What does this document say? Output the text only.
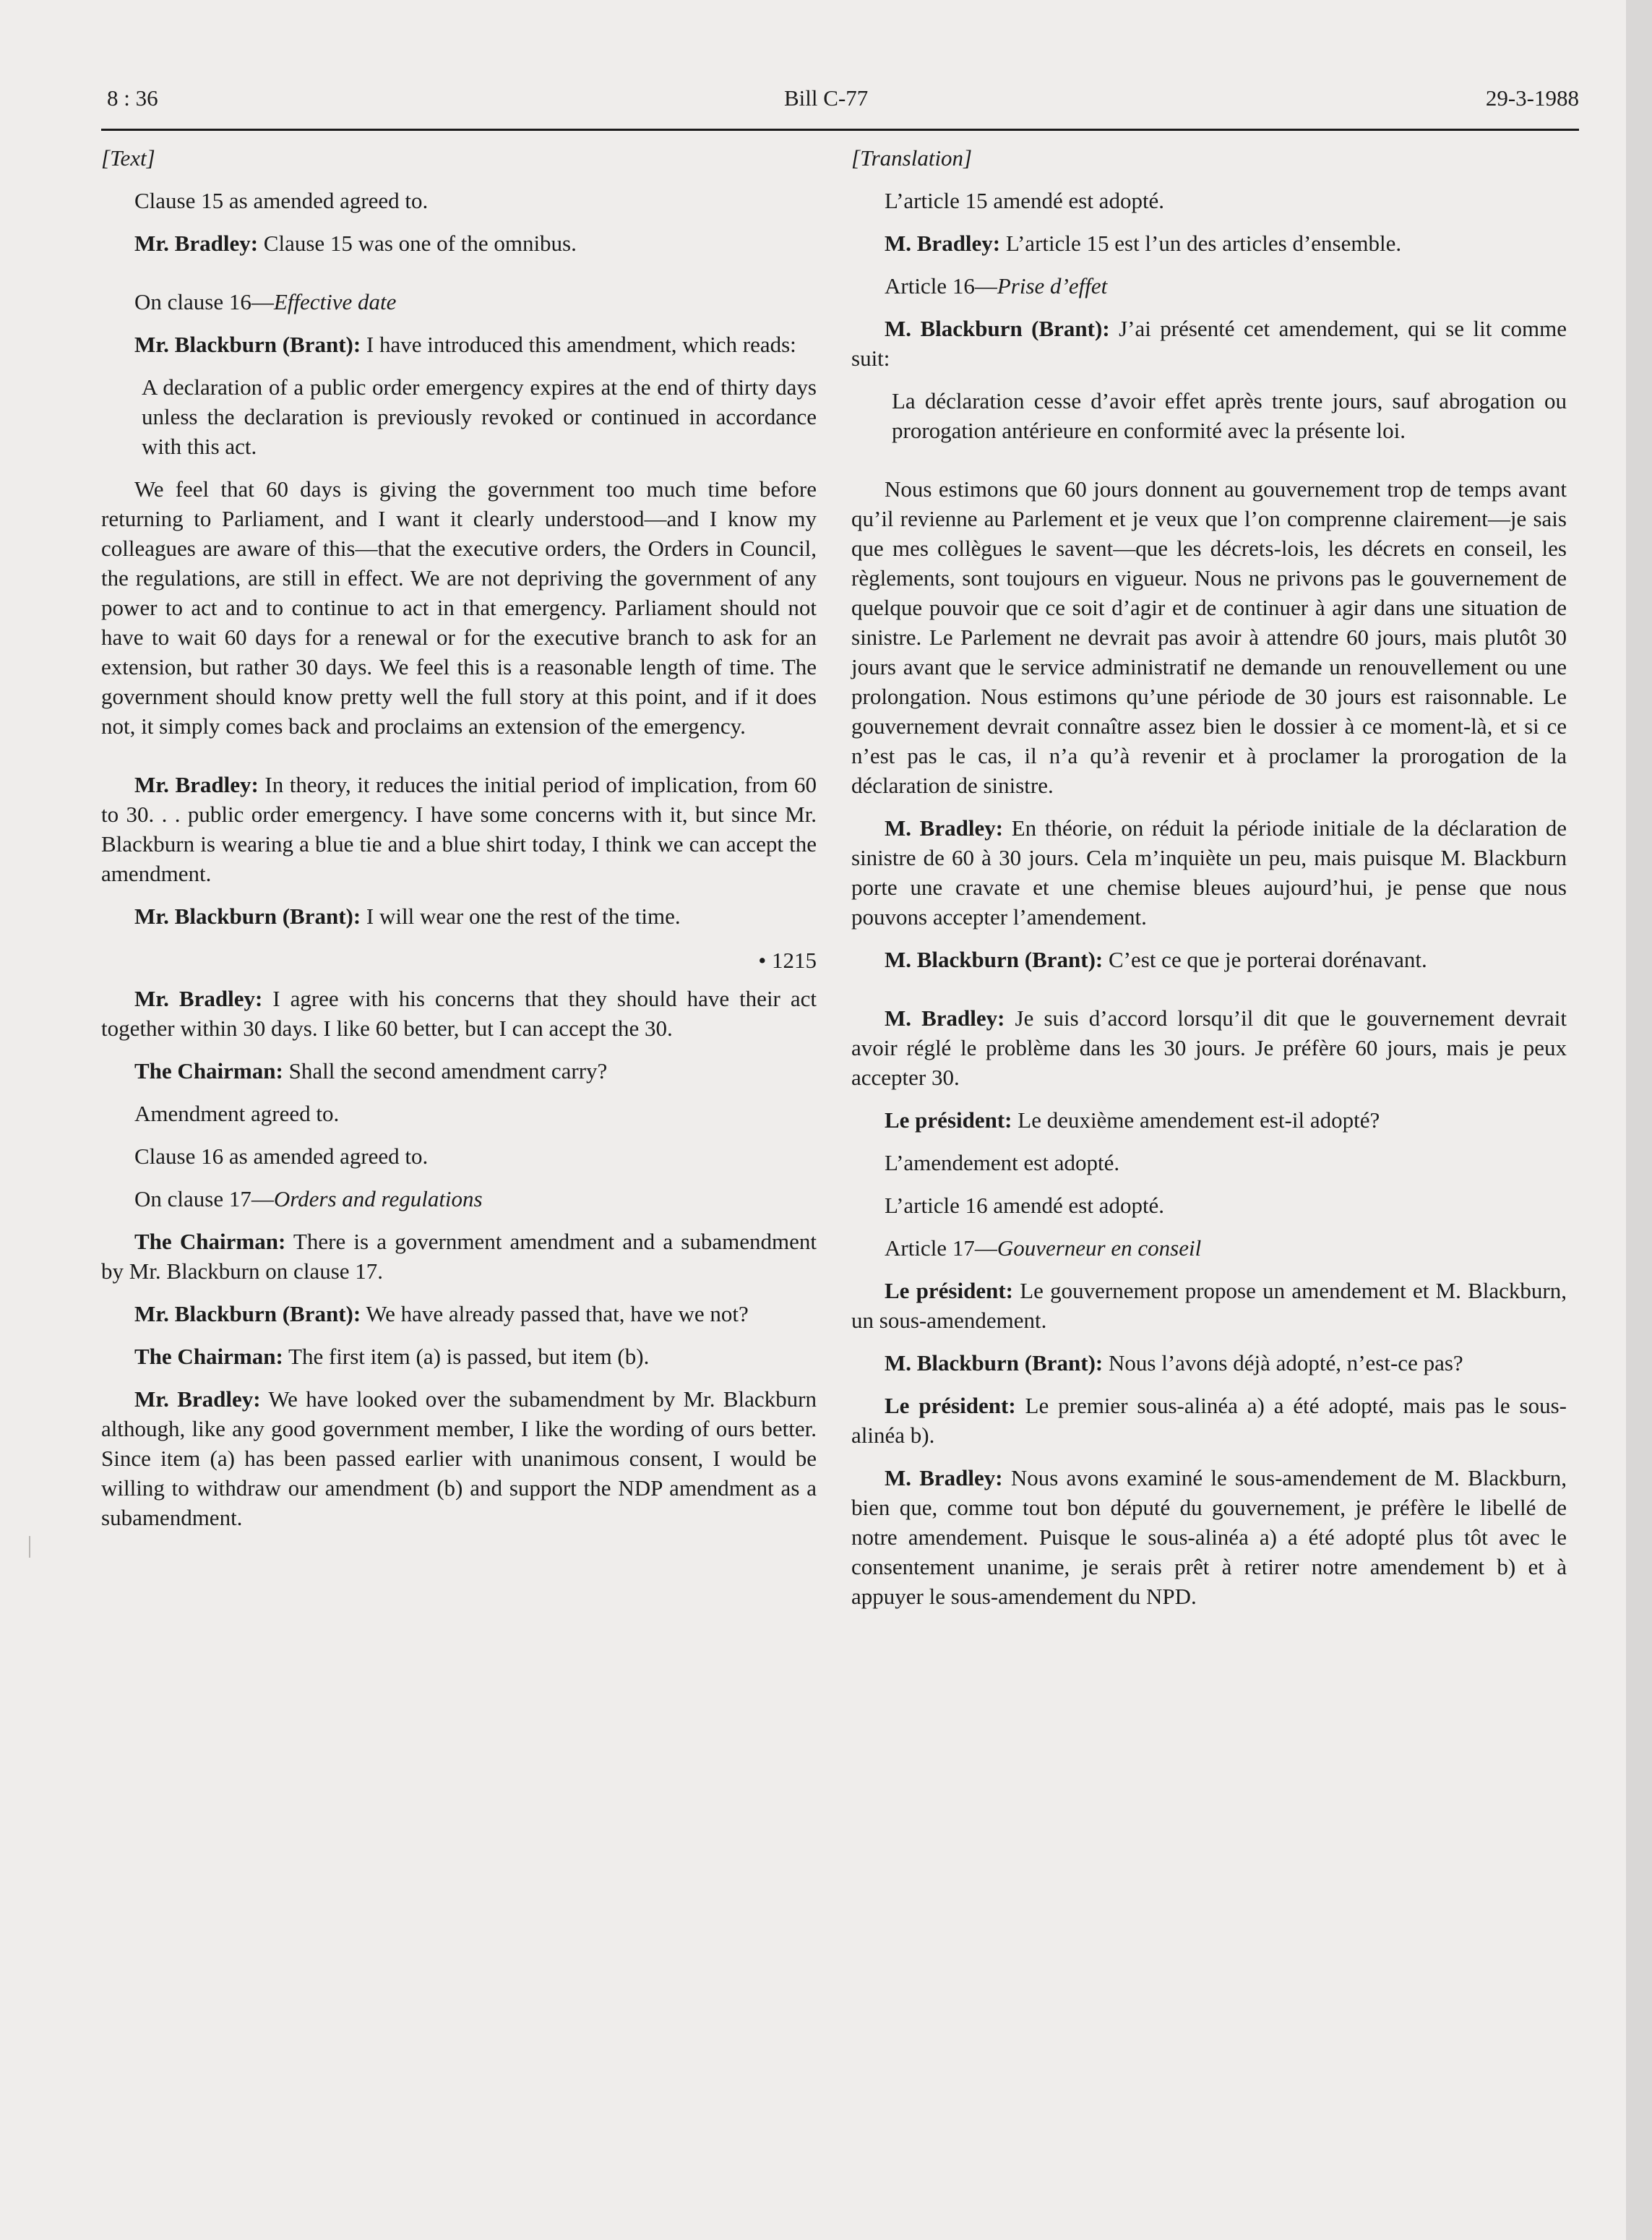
8 : 36	Bill C-77	29-3-1988

[Text]

Clause 15 as amended agreed to.

Mr. Bradley: Clause 15 was one of the omnibus.

On clause 16—Effective date

Mr. Blackburn (Brant): I have introduced this amendment, which reads:

A declaration of a public order emergency expires at the end of thirty days unless the declaration is previously revoked or continued in accordance with this act.

We feel that 60 days is giving the government too much time before returning to Parliament, and I want it clearly understood—and I know my colleagues are aware of this—that the executive orders, the Orders in Council, the regulations, are still in effect. We are not depriving the government of any power to act and to continue to act in that emergency. Parliament should not have to wait 60 days for a renewal or for the executive branch to ask for an extension, but rather 30 days. We feel this is a reasonable length of time. The government should know pretty well the full story at this point, and if it does not, it simply comes back and proclaims an extension of the emergency.

Mr. Bradley: In theory, it reduces the initial period of implication, from 60 to 30. . . public order emergency. I have some concerns with it, but since Mr. Blackburn is wearing a blue tie and a blue shirt today, I think we can accept the amendment.

Mr. Blackburn (Brant): I will wear one the rest of the time.

• 1215

Mr. Bradley: I agree with his concerns that they should have their act together within 30 days. I like 60 better, but I can accept the 30.

The Chairman: Shall the second amendment carry?

Amendment agreed to.

Clause 16 as amended agreed to.

On clause 17—Orders and regulations

The Chairman: There is a government amendment and a subamendment by Mr. Blackburn on clause 17.

Mr. Blackburn (Brant): We have already passed that, have we not?

The Chairman: The first item (a) is passed, but item (b).

Mr. Bradley: We have looked over the subamendment by Mr. Blackburn although, like any good government member, I like the wording of ours better. Since item (a) has been passed earlier with unanimous consent, I would be willing to withdraw our amendment (b) and support the NDP amendment as a subamendment.

[Translation]

L’article 15 amendé est adopté.

M. Bradley: L’article 15 est l’un des articles d’ensemble.

Article 16—Prise d’effet

M. Blackburn (Brant): J’ai présenté cet amendement, qui se lit comme suit:

La déclaration cesse d’avoir effet après trente jours, sauf abrogation ou prorogation antérieure en conformité avec la présente loi.

Nous estimons que 60 jours donnent au gouvernement trop de temps avant qu’il revienne au Parlement et je veux que l’on comprenne clairement—je sais que mes collègues le savent—que les décrets-lois, les décrets en conseil, les règlements, sont toujours en vigueur. Nous ne privons pas le gouvernement de quelque pouvoir que ce soit d’agir et de continuer à agir dans une situation de sinistre. Le Parlement ne devrait pas avoir à attendre 60 jours, mais plutôt 30 jours avant que le service administratif ne demande un renouvellement ou une prolongation. Nous estimons qu’une période de 30 jours est raisonnable. Le gouvernement devrait connaître assez bien le dossier à ce moment-là, et si ce n’est pas le cas, il n’a qu’à revenir et à proclamer la prorogation de la déclaration de sinistre.

M. Bradley: En théorie, on réduit la période initiale de la déclaration de sinistre de 60 à 30 jours. Cela m’inquiète un peu, mais puisque M. Blackburn porte une cravate et une chemise bleues aujourd’hui, je pense que nous pouvons accepter l’amendement.

M. Blackburn (Brant): C’est ce que je porterai dorénavant.

M. Bradley: Je suis d’accord lorsqu’il dit que le gouvernement devrait avoir réglé le problème dans les 30 jours. Je préfère 60 jours, mais je peux accepter 30.

Le président: Le deuxième amendement est-il adopté?

L’amendement est adopté.

L’article 16 amendé est adopté.

Article 17—Gouverneur en conseil

Le président: Le gouvernement propose un amendement et M. Blackburn, un sous-amendement.

M. Blackburn (Brant): Nous l’avons déjà adopté, n’est-ce pas?

Le président: Le premier sous-alinéa a) a été adopté, mais pas le sous-alinéa b).

M. Bradley: Nous avons examiné le sous-amendement de M. Blackburn, bien que, comme tout bon député du gouvernement, je préfère le libellé de notre amendement. Puisque le sous-alinéa a) a été adopté plus tôt avec le consentement unanime, je serais prêt à retirer notre amendement b) et à appuyer le sous-amendement du NPD.
